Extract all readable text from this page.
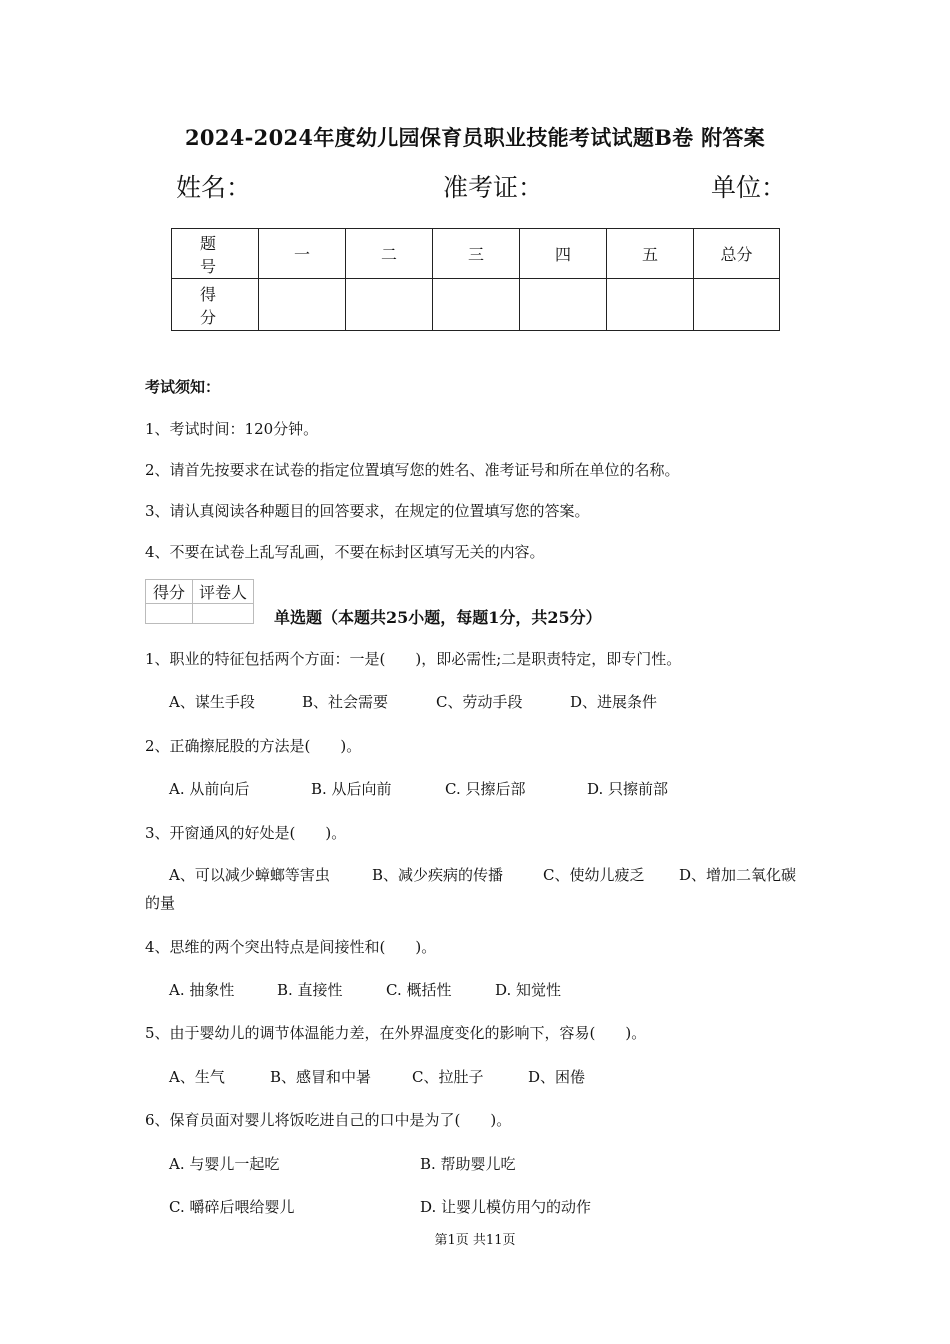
2024-2024年度幼儿园保育员职业技能考试试题B卷 附答案
姓名：	准考证：	单位：
题　号	一	二	三	四	五	总分
得　分						
考试须知：
1、考试时间：120分钟。
2、请首先按要求在试卷的指定位置填写您的姓名、准考证号和所在单位的名称。
3、请认真阅读各种题目的回答要求，在规定的位置填写您的答案。
4、不要在试卷上乱写乱画，不要在标封区填写无关的内容。
得分	评卷人

单选题（本题共25小题，每题1分，共25分）
1、职业的特征包括两个方面：一是(　　)，即必需性;二是职责特定，即专门性。
A、谋生手段	B、社会需要	C、劳动手段	D、进展条件
2、正确擦屁股的方法是(　　)。
A. 从前向后	B. 从后向前	C. 只擦后部	D. 只擦前部
3、开窗通风的好处是(　　)。
A、可以减少蟑螂等害虫	B、减少疾病的传播	C、使幼儿疲乏 D、增加二氧化碳
的量
4、思维的两个突出特点是间接性和(　　)。
A. 抽象性	B. 直接性	C. 概括性	D. 知觉性
5、由于婴幼儿的调节体温能力差，在外界温度变化的影响下，容易(　　)。
A、生气	B、感冒和中暑	C、拉肚子	D、困倦
6、保育员面对婴儿将饭吃进自己的口中是为了(　　)。
A. 与婴儿一起吃	B. 帮助婴儿吃
C. 嚼碎后喂给婴儿	D. 让婴儿模仿用勺的动作
第1页 共11页
